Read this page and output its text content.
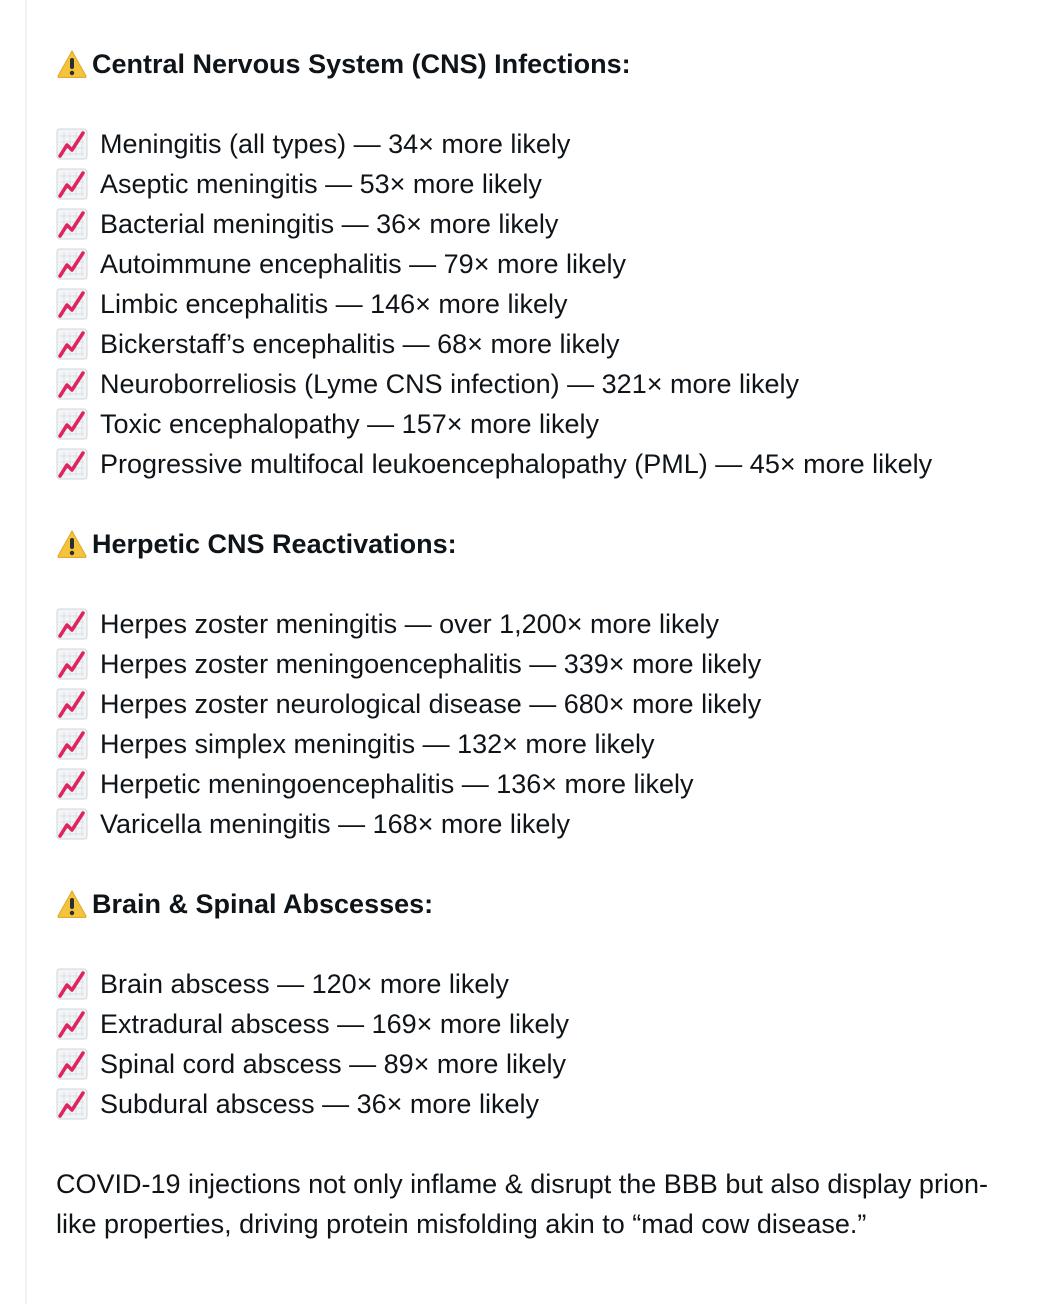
Central Nervous System (CNS) Infections:
Meningitis (all types) — 34× more likely
Aseptic meningitis — 53× more likely
Bacterial meningitis — 36× more likely
Autoimmune encephalitis — 79× more likely
Limbic encephalitis — 146× more likely
Bickerstaff’s encephalitis — 68× more likely
Neuroborreliosis (Lyme CNS infection) — 321× more likely
Toxic encephalopathy — 157× more likely
Progressive multifocal leukoencephalopathy (PML) — 45× more likely
Herpetic CNS Reactivations:
Herpes zoster meningitis — over 1,200× more likely
Herpes zoster meningoencephalitis — 339× more likely
Herpes zoster neurological disease — 680× more likely
Herpes simplex meningitis — 132× more likely
Herpetic meningoencephalitis — 136× more likely
Varicella meningitis — 168× more likely
Brain & Spinal Abscesses:
Brain abscess — 120× more likely
Extradural abscess — 169× more likely
Spinal cord abscess — 89× more likely
Subdural abscess — 36× more likely
COVID-19 injections not only inflame & disrupt the BBB but also display prion-like properties, driving protein misfolding akin to “mad cow disease.”
